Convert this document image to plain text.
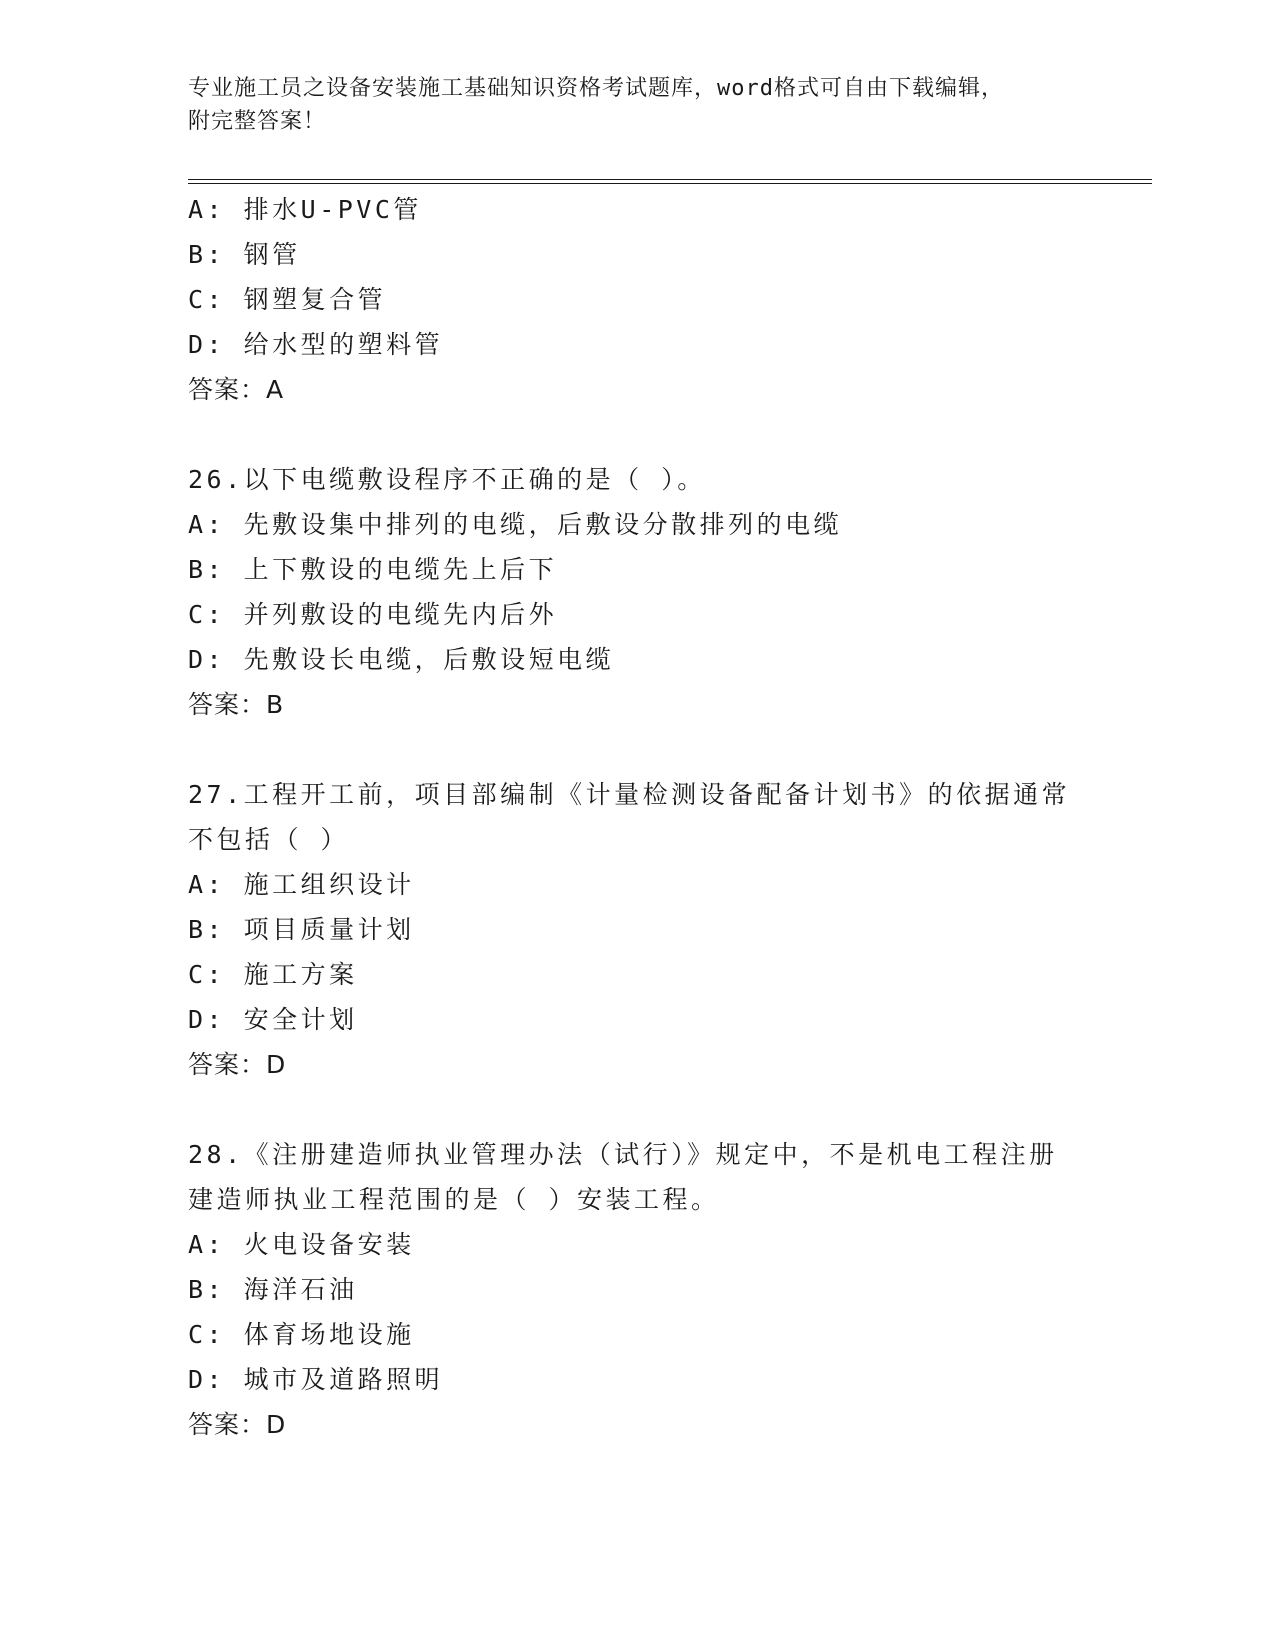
专业施工员之设备安装施工基础知识资格考试题库，word格式可自由下载编辑，
附完整答案！
A: 排水U-PVC管
B: 钢管
C: 钢塑复合管
D: 给水型的塑料管
答案：A
26.以下电缆敷设程序不正确的是（ ）。
A: 先敷设集中排列的电缆，后敷设分散排列的电缆
B: 上下敷设的电缆先上后下
C: 并列敷设的电缆先内后外
D: 先敷设长电缆，后敷设短电缆
答案：B
27.工程开工前，项目部编制《计量检测设备配备计划书》的依据通常
不包括（ ）
A: 施工组织设计
B: 项目质量计划
C: 施工方案
D: 安全计划
答案：D
28.《注册建造师执业管理办法（试行）》规定中，不是机电工程注册
建造师执业工程范围的是（ ）安装工程。
A: 火电设备安装
B: 海洋石油
C: 体育场地设施
D: 城市及道路照明
答案：D
